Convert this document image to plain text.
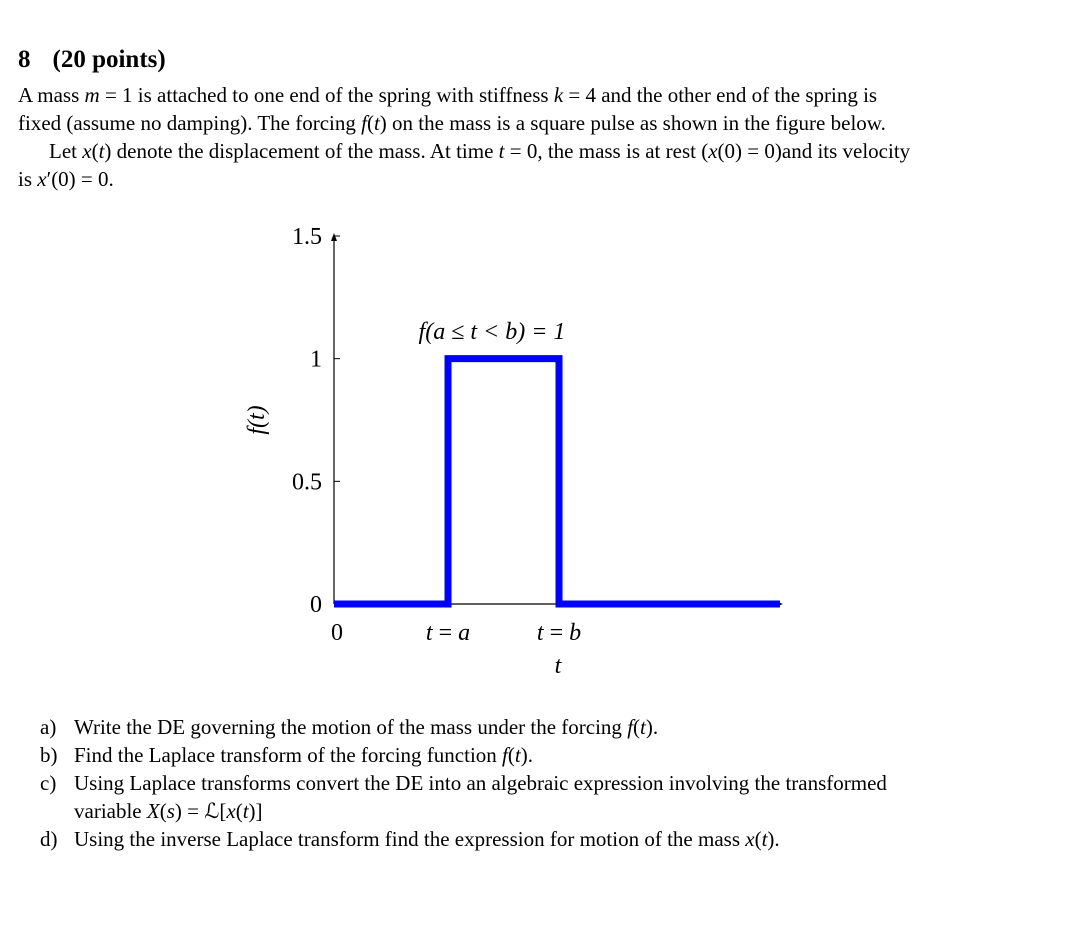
8 (20 points)
A mass m = 1 is attached to one end of the spring with stiffness k = 4 and the other end of the spring is
fixed (assume no damping). The forcing f(t) on the mass is a square pulse as shown in the figure below.
Let x(t) denote the displacement of the mass. At time t = 0, the mass is at rest (x(0) = 0)and its velocity
is x′(0) = 0.
0
0.5
1
1.5
0	t = a	t = b
f(a ≤ t < b) = 1
t
f(t)
a) Write the DE governing the motion of the mass under the forcing f(t).
b) Find the Laplace transform of the forcing function f(t).
c) Using Laplace transforms convert the DE into an algebraic expression involving the transformed
variable X(s) = ℒ[x(t)]
d) Using the inverse Laplace transform find the expression for motion of the mass x(t).
